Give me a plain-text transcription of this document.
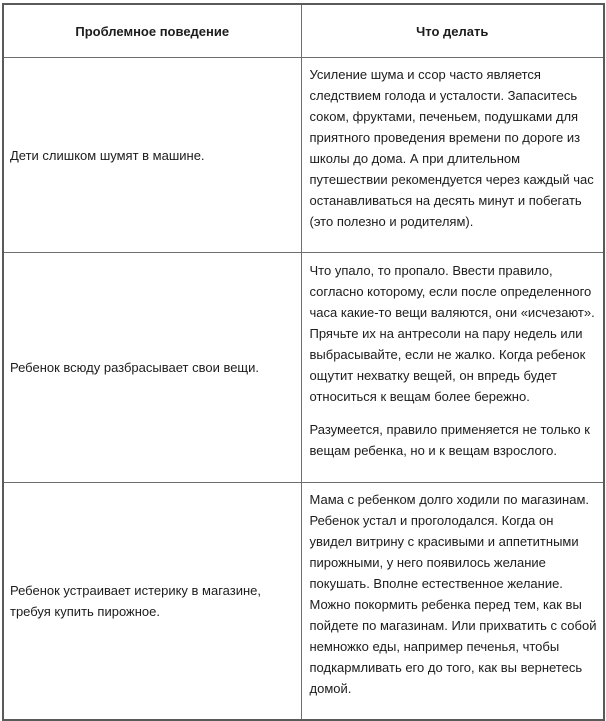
Проблемное поведение	Что делать
Дети слишком шумят в машине.	Усиление шума и ссор часто является следствием голода и усталости. Запаситесь соком, фруктами, печеньем, подушками для приятного проведения времени по дороге из школы до дома. А при длительном путешествии рекомендуется через каждый час останавливаться на десять минут и побегать (это полезно и родителям).

Ребенок всюду разбрасывает свои вещи.	Что упало, то пропало. Ввести правило, согласно которому, если после определенного часа какие-то вещи валяются, они «исчезают». Прячьте их на антресоли на пару недель или выбрасывайте, если не жалко. Когда ребенок ощутит нехватку вещей, он впредь будет относиться к вещам более бережно.

Разумеется, правило применяется не только к вещам ребенка, но и к вещам взрослого.

Ребенок устраивает истерику в магазине, требуя купить пирожное.	Мама с ребенком долго ходили по магазинам. Ребенок устал и проголодался. Когда он увидел витрину с красивыми и аппетитными пирожными, у него появилось желание покушать. Вполне естественное желание. Можно покормить ребенка перед тем, как вы пойдете по магазинам. Или прихватить с собой немножко еды, например печенья, чтобы подкармливать его до того, как вы вернетесь домой.
